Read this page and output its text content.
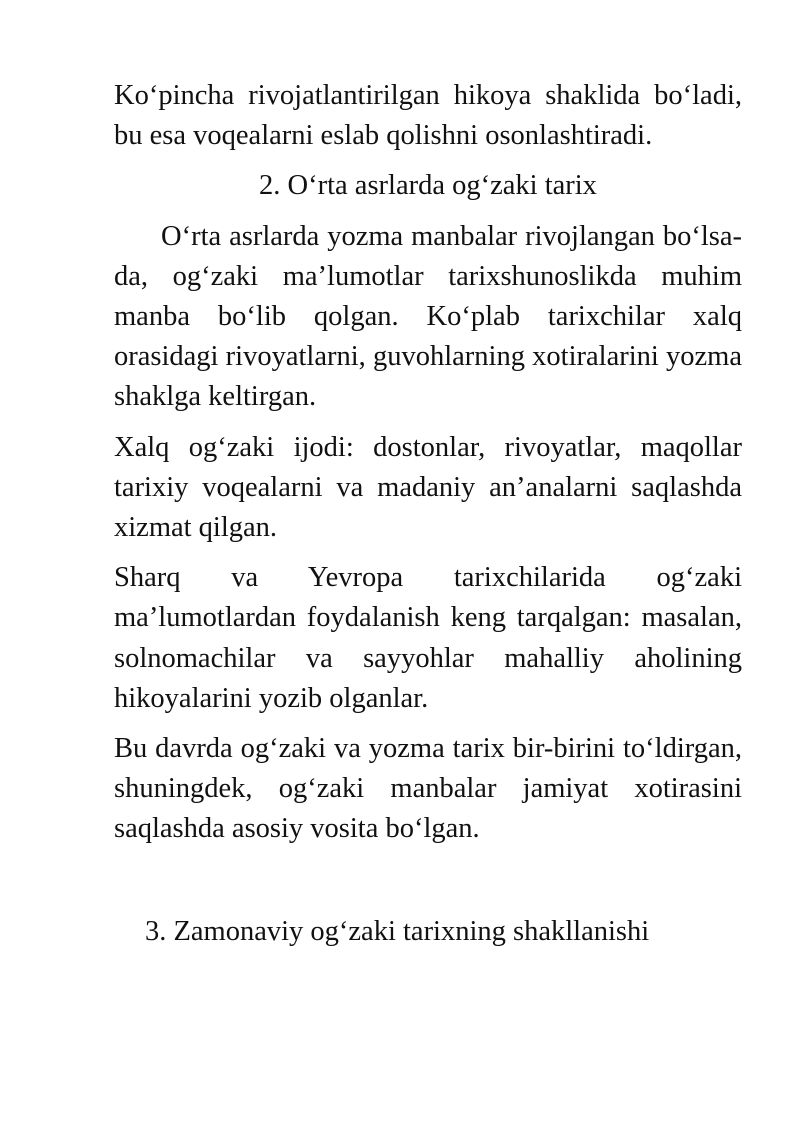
Ko‘pincha rivojatlantirilgan hikoya shaklida bo‘ladi, bu esa voqealarni eslab qolishni osonlashtiradi.

2. O‘rta asrlarda og‘zaki tarix

O‘rta asrlarda yozma manbalar rivojlangan bo‘lsa-da, og‘zaki ma’lumotlar tarixshunoslikda muhim manba bo‘lib qolgan. Ko‘plab tarixchilar xalq orasidagi rivoyatlarni, guvohlarning xotiralarini yozma shaklga keltirgan.

Xalq og‘zaki ijodi: dostonlar, rivoyatlar, maqollar tarixiy voqealarni va madaniy an’analarni saqlashda xizmat qilgan.

Sharq va Yevropa tarixchilarida og‘zaki ma’lumotlardan foydalanish keng tarqalgan: masalan, solnomachilar va sayyohlar mahalliy aholining hikoyalarini yozib olganlar.

Bu davrda og‘zaki va yozma tarix bir-birini to‘ldirgan, shuningdek, og‘zaki manbalar jamiyat xotirasini saqlashda asosiy vosita bo‘lgan.

3. Zamonaviy og‘zaki tarixning shakllanishi
